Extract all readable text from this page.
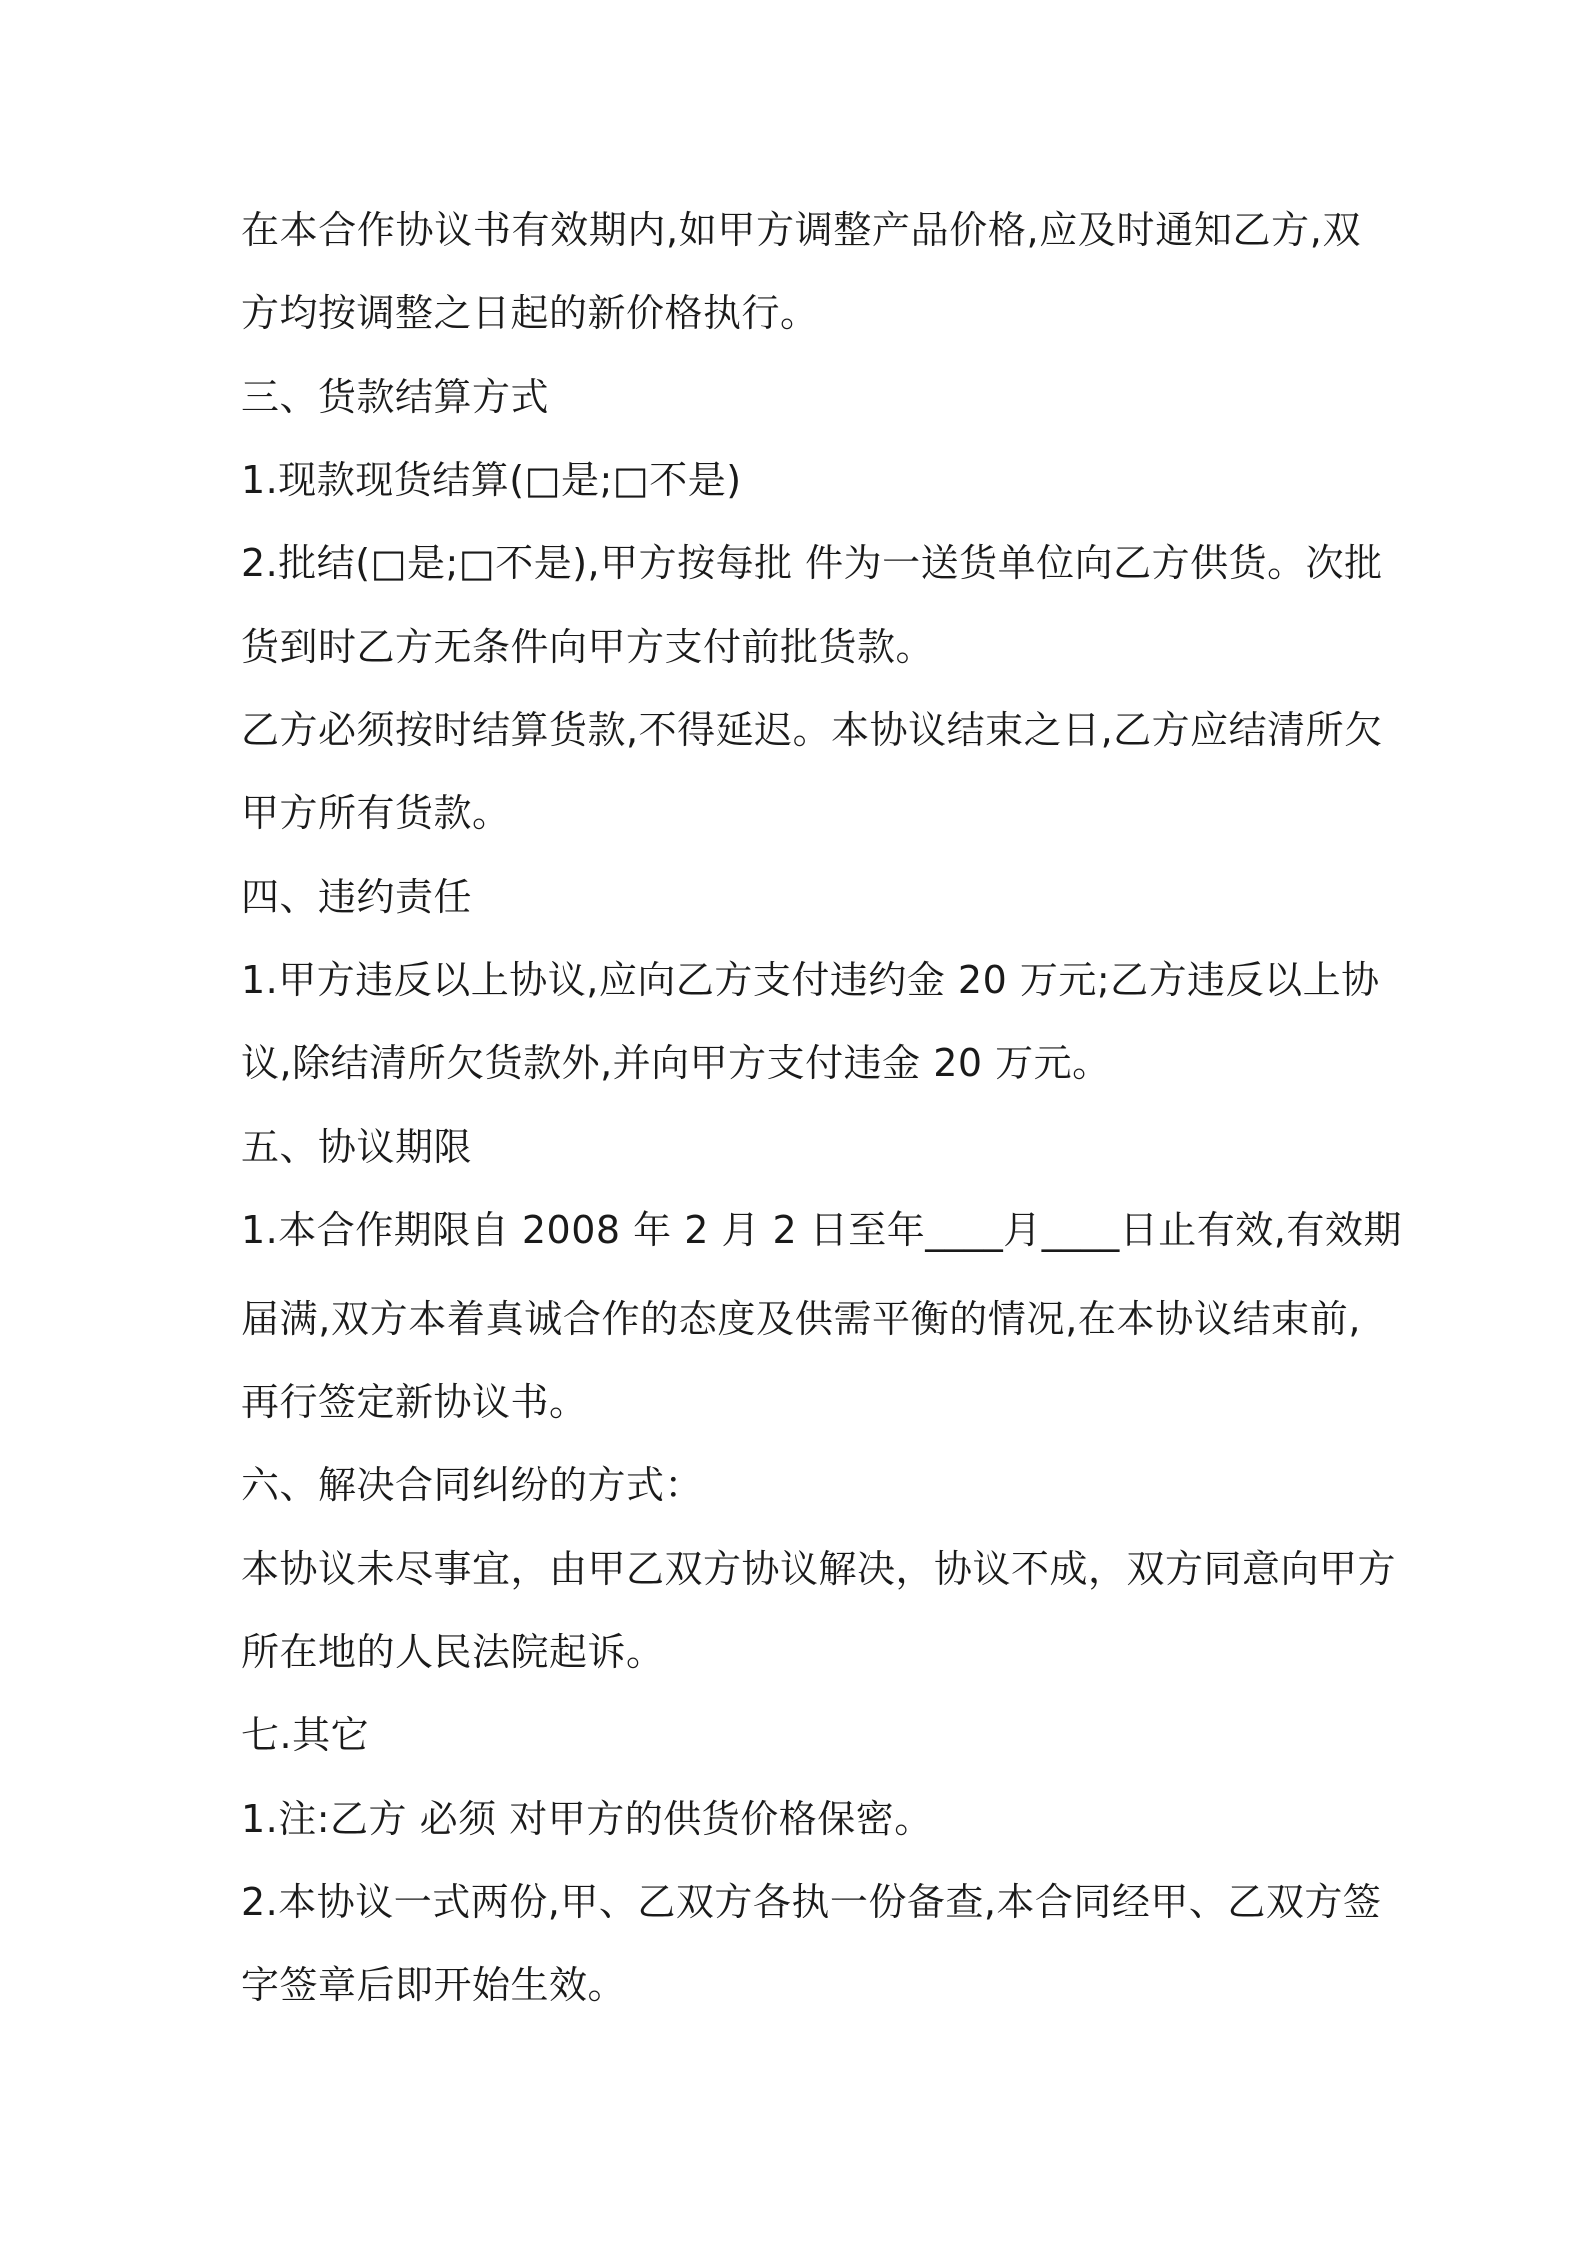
在本合作协议书有效期内,如甲方调整产品价格,应及时通知乙方,双
方均按调整之日起的新价格执行。
三、货款结算方式
1.现款现货结算(□是;□不是)
2.批结(□是;□不是),甲方按每批 件为一送货单位向乙方供货。次批
货到时乙方无条件向甲方支付前批货款。
乙方必须按时结算货款,不得延迟。本协议结束之日,乙方应结清所欠
甲方所有货款。
四、违约责任
1.甲方违反以上协议,应向乙方支付违约金 20 万元;乙方违反以上协
议,除结清所欠货款外,并向甲方支付违金 20 万元。
五、协议期限
1.本合作期限自 2008 年 2 月 2 日至年____月____日止有效,有效期
届满,双方本着真诚合作的态度及供需平衡的情况,在本协议结束前,
再行签定新协议书。
六、解决合同纠纷的方式：
本协议未尽事宜，由甲乙双方协议解决，协议不成，双方同意向甲方
所在地的人民法院起诉。
七.其它
1.注:乙方 必须 对甲方的供货价格保密。
2.本协议一式两份,甲、乙双方各执一份备查,本合同经甲、乙双方签
字签章后即开始生效。
